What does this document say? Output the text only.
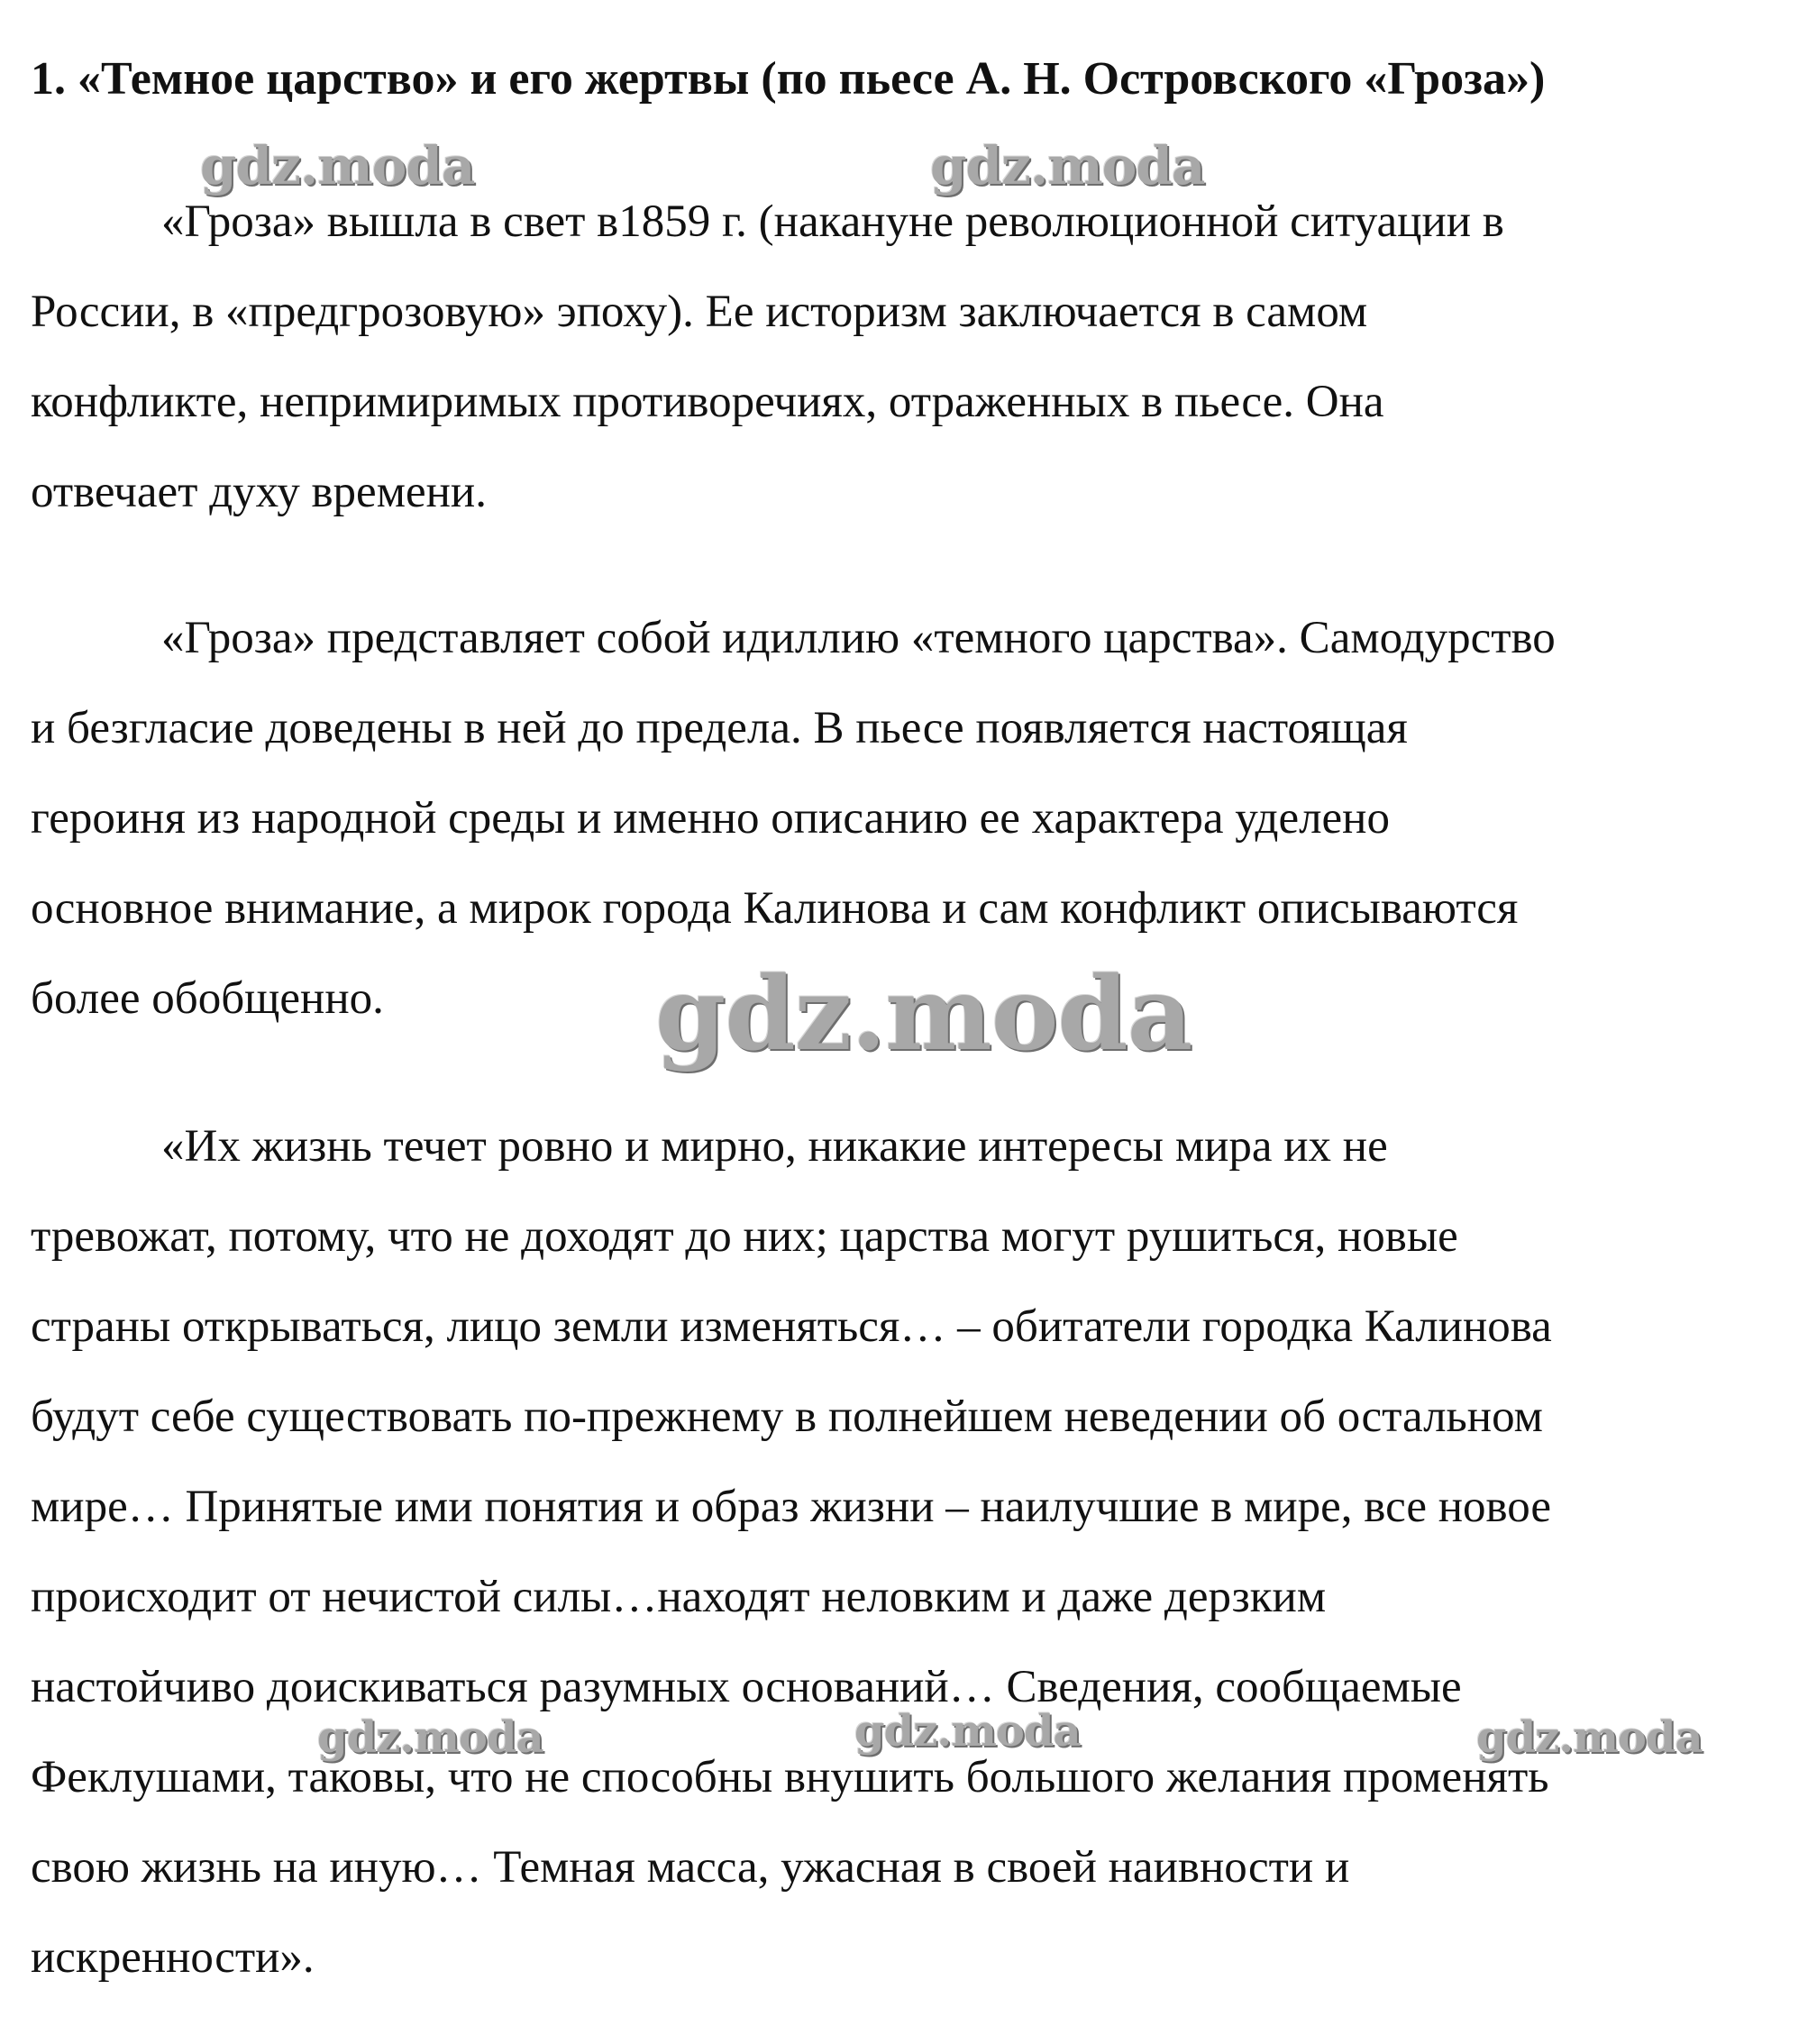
1. «Темное царство» и его жертвы (по пьесе А. Н. Островского «Гроза»)
«Гроза» вышла в свет в1859 г. (накануне революционной ситуации в
России, в «предгрозовую» эпоху). Ее историзм заключается в самом
конфликте, непримиримых противоречиях, отраженных в пьесе. Она
отвечает духу времени.
«Гроза» представляет собой идиллию «темного царства». Самодурство
и безгласие доведены в ней до предела. В пьесе появляется настоящая
героиня из народной среды и именно описанию ее характера уделено
основное внимание, а мирок города Калинова и сам конфликт описываются
более обобщенно.
«Их жизнь течет ровно и мирно, никакие интересы мира их не
тревожат, потому, что не доходят до них; царства могут рушиться, новые
страны открываться, лицо земли изменяться… – обитатели городка Калинова
будут себе существовать по-прежнему в полнейшем неведении об остальном
мире… Принятые ими понятия и образ жизни – наилучшие в мире, все новое
происходит от нечистой силы…находят неловким и даже дерзким
настойчиво доискиваться разумных оснований… Сведения, сообщаемые
Феклушами, таковы, что не способны внушить большого желания променять
свою жизнь на иную… Темная масса, ужасная в своей наивности и
искренности».
gdz.moda	gdz.moda
gdz.moda
gdz.moda	gdz.moda	gdz.moda
